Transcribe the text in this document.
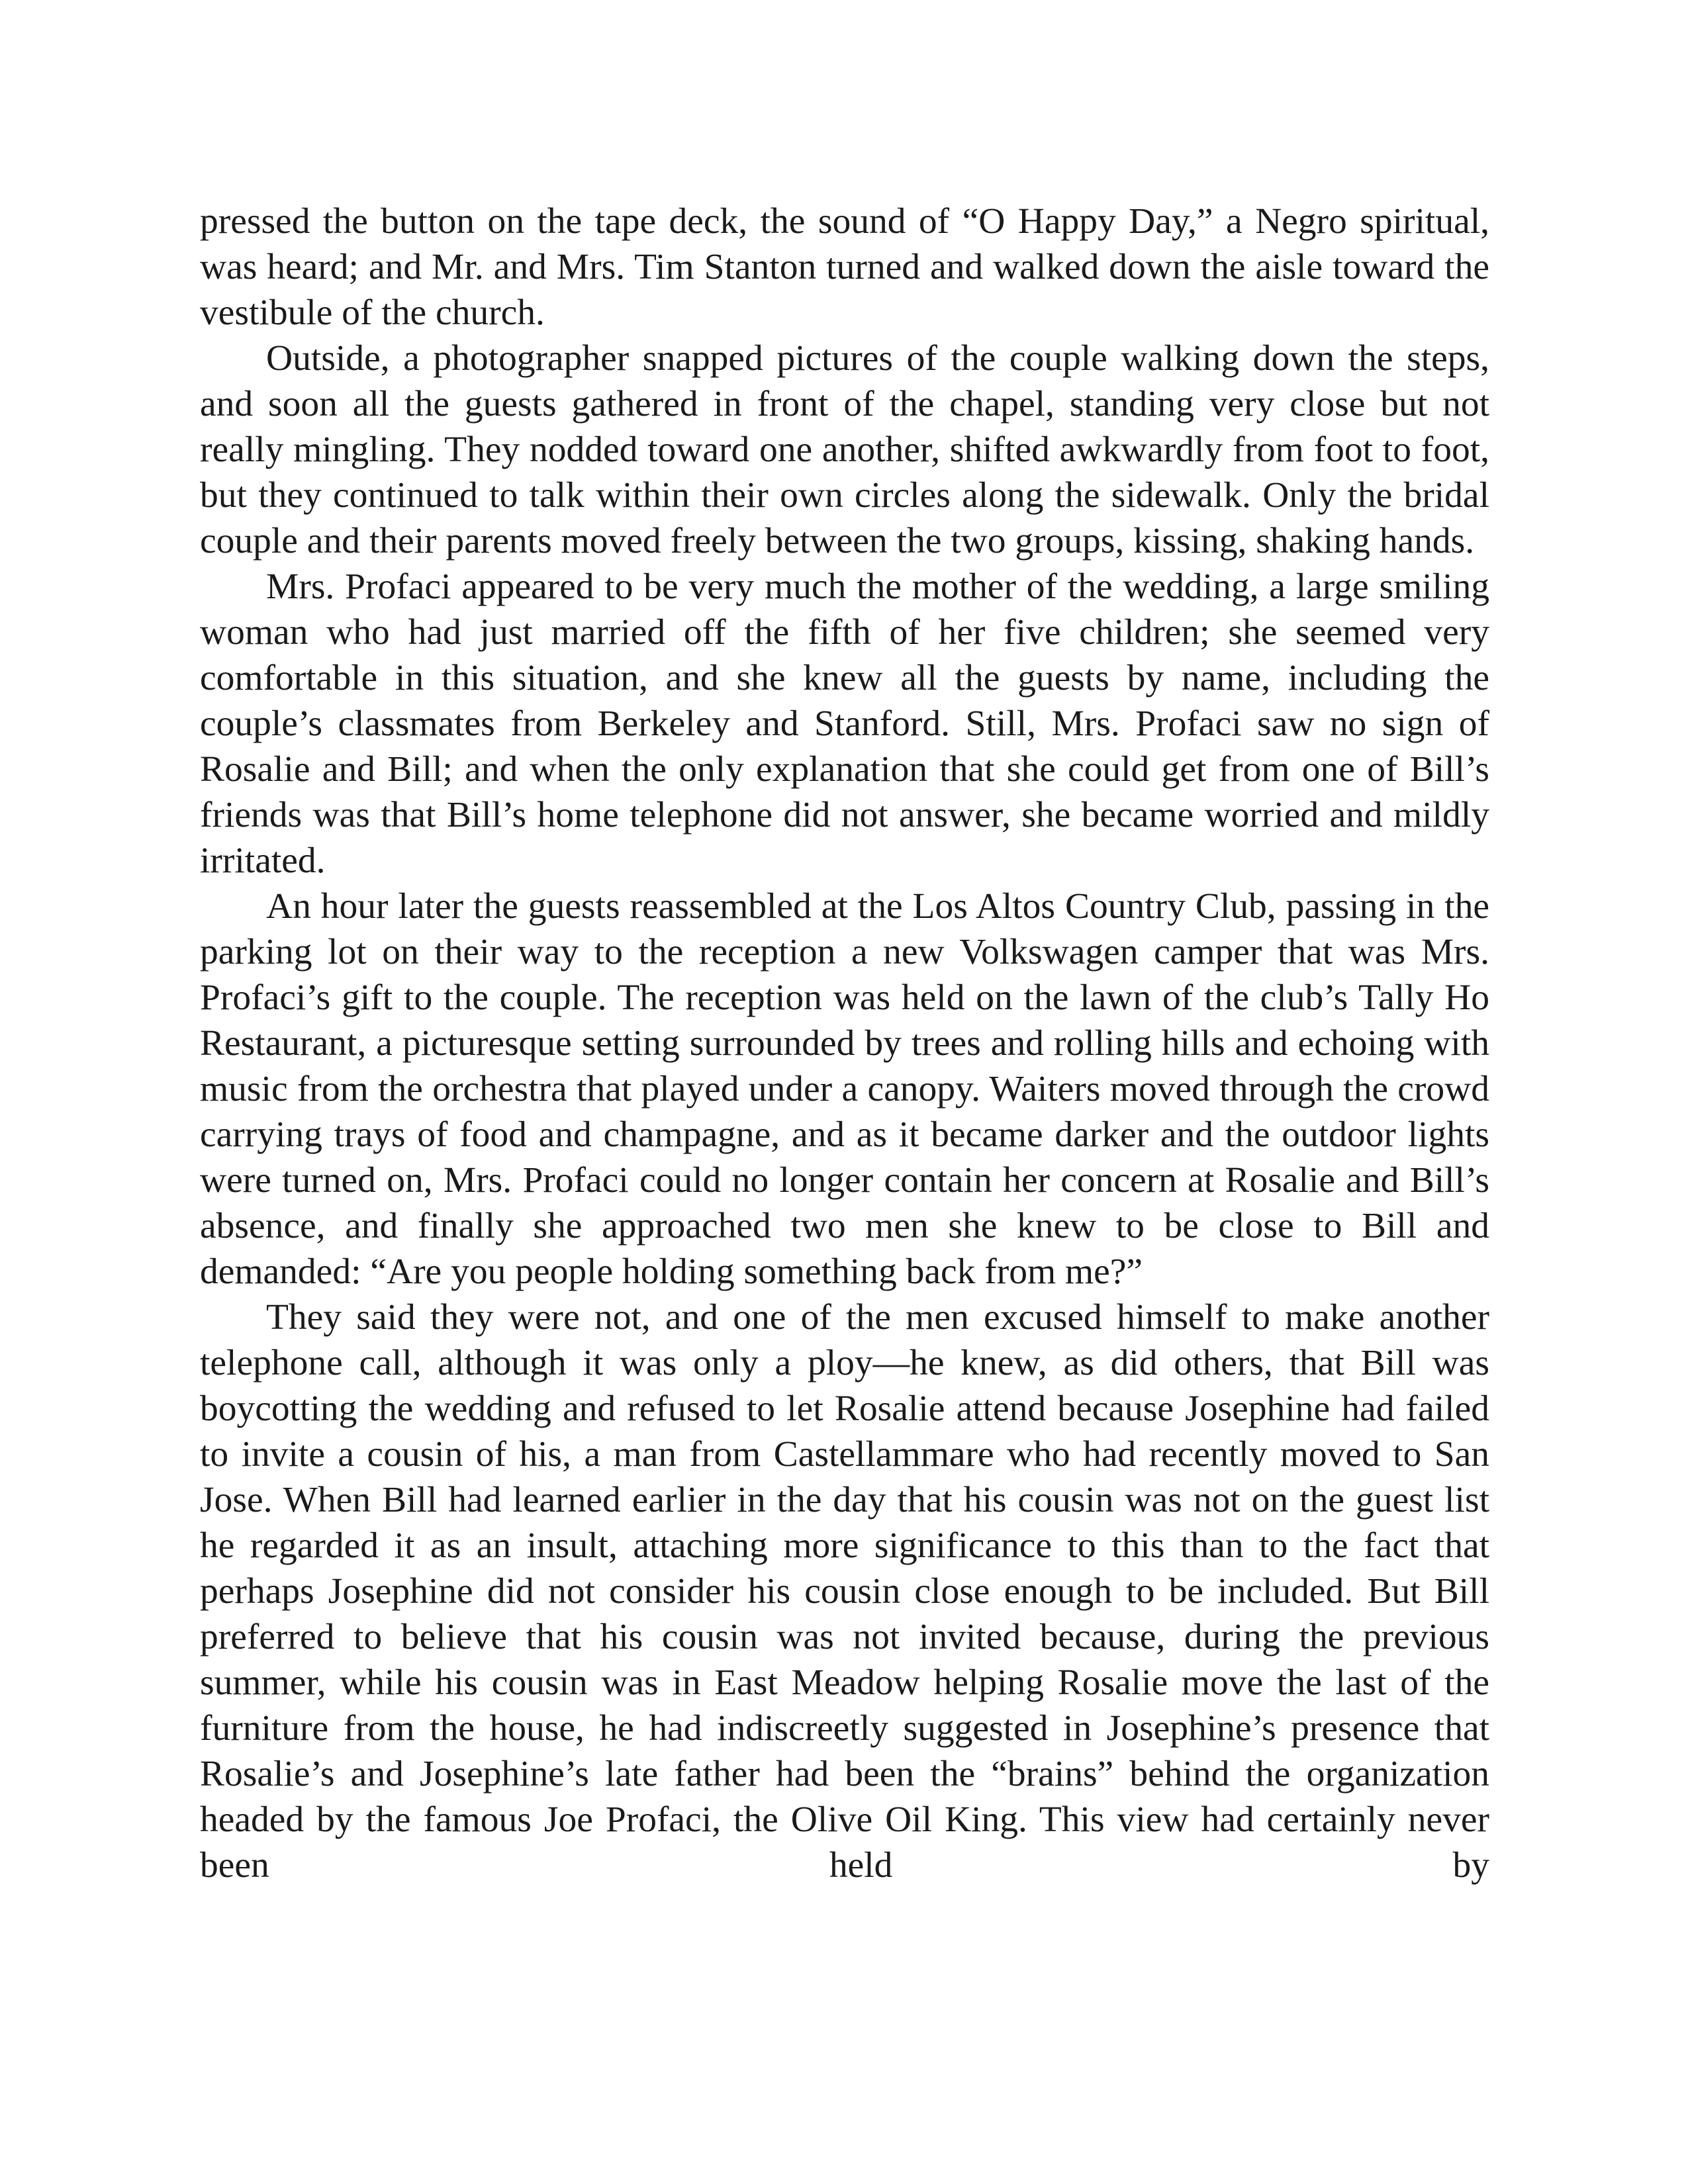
pressed the button on the tape deck, the sound of “O Happy Day,” a Negro spiritual, was heard; and Mr. and Mrs. Tim Stanton turned and walked down the aisle toward the vestibule of the church.

Outside, a photographer snapped pictures of the couple walking down the steps, and soon all the guests gathered in front of the chapel, standing very close but not really mingling. They nodded toward one another, shifted awkwardly from foot to foot, but they continued to talk within their own circles along the sidewalk. Only the bridal couple and their parents moved freely between the two groups, kissing, shaking hands.

Mrs. Profaci appeared to be very much the mother of the wedding, a large smiling woman who had just married off the fifth of her five children; she seemed very comfortable in this situation, and she knew all the guests by name, including the couple’s classmates from Berkeley and Stanford. Still, Mrs. Profaci saw no sign of Rosalie and Bill; and when the only explanation that she could get from one of Bill’s friends was that Bill’s home telephone did not answer, she became worried and mildly irritated.

An hour later the guests reassembled at the Los Altos Country Club, passing in the parking lot on their way to the reception a new Volkswagen camper that was Mrs. Profaci’s gift to the couple. The reception was held on the lawn of the club’s Tally Ho Restaurant, a picturesque setting surrounded by trees and rolling hills and echoing with music from the orchestra that played under a canopy. Waiters moved through the crowd carrying trays of food and champagne, and as it became darker and the outdoor lights were turned on, Mrs. Profaci could no longer contain her concern at Rosalie and Bill’s absence, and finally she approached two men she knew to be close to Bill and demanded: “Are you people holding something back from me?”

They said they were not, and one of the men excused himself to make another telephone call, although it was only a ploy—he knew, as did others, that Bill was boycotting the wedding and refused to let Rosalie attend because Josephine had failed to invite a cousin of his, a man from Castellammare who had recently moved to San Jose. When Bill had learned earlier in the day that his cousin was not on the guest list he regarded it as an insult, attaching more significance to this than to the fact that perhaps Josephine did not consider his cousin close enough to be included. But Bill preferred to believe that his cousin was not invited because, during the previous summer, while his cousin was in East Meadow helping Rosalie move the last of the furniture from the house, he had indiscreetly suggested in Josephine’s presence that Rosalie’s and Josephine’s late father had been the “brains” behind the organization headed by the famous Joe Profaci, the Olive Oil King. This view had certainly never been held by
